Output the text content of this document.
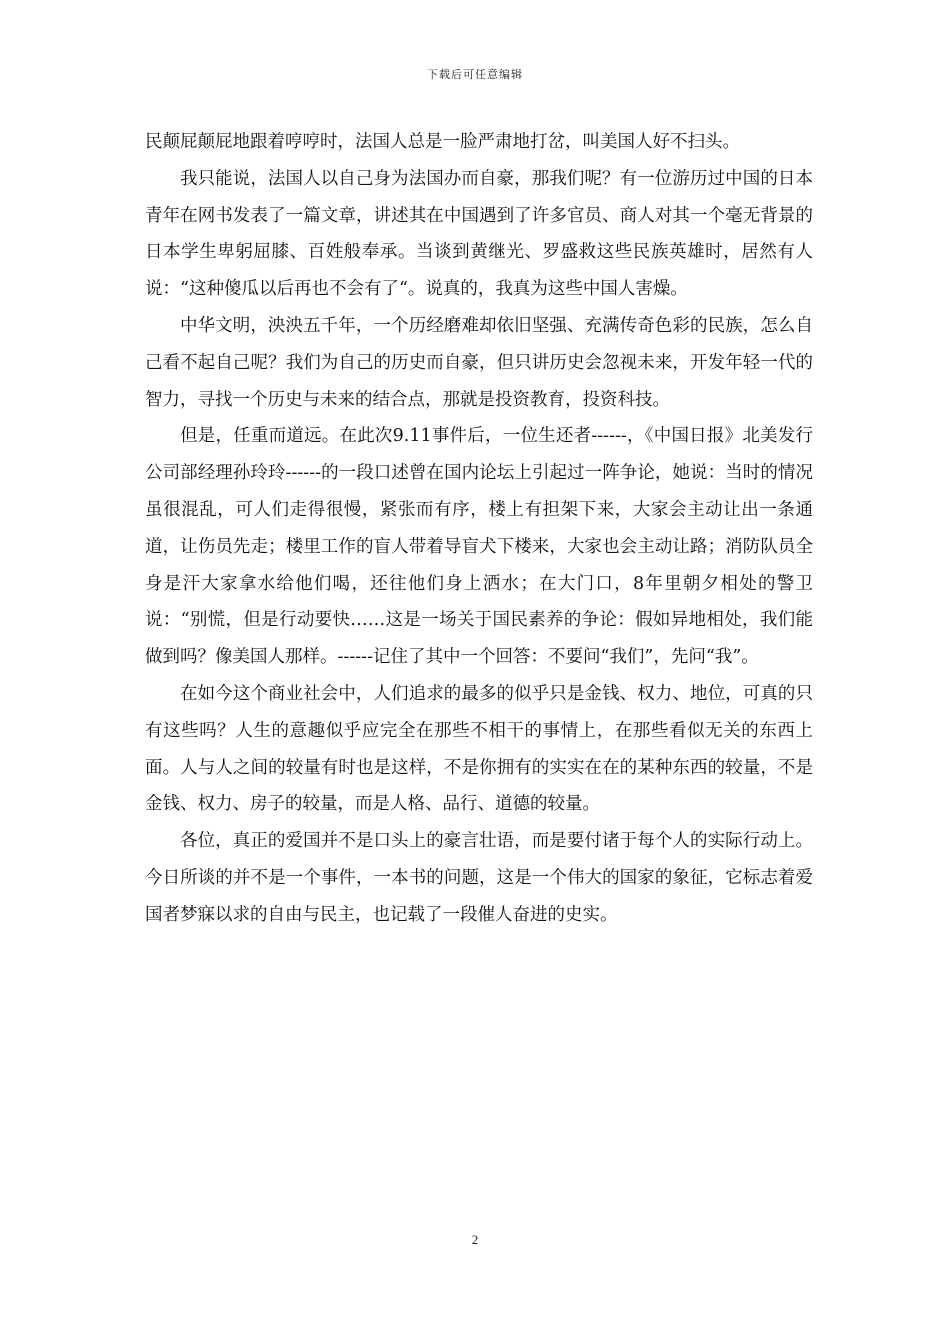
下载后可任意编辑

民颠屁颠屁地跟着哼哼时，法国人总是一脸严肃地打岔，叫美国人好不扫头。

我只能说，法国人以自己身为法国办而自豪，那我们呢？有一位游历过中国的日本青年在网书发表了一篇文章，讲述其在中国遇到了许多官员、商人对其一个毫无背景的日本学生卑躬屈膝、百姓般奉承。当谈到黄继光、罗盛救这些民族英雄时，居然有人说：“这种傻瓜以后再也不会有了“。说真的，我真为这些中国人害燥。

中华文明，泱泱五千年，一个历经磨难却依旧坚强、充满传奇色彩的民族，怎么自己看不起自己呢？我们为自己的历史而自豪，但只讲历史会忽视未来，开发年轻一代的智力，寻找一个历史与未来的结合点，那就是投资教育，投资科技。

但是，任重而道远。在此次9.11事件后，一位生还者------，《中国日报》北美发行公司部经理孙玲玲------的一段口述曾在国内论坛上引起过一阵争论，她说：当时的情况虽很混乱，可人们走得很慢，紧张而有序，楼上有担架下来，大家会主动让出一条通道，让伤员先走；楼里工作的盲人带着导盲犬下楼来，大家也会主动让路；消防队员全身是汗大家拿水给他们喝，还往他们身上洒水；在大门口，8年里朝夕相处的警卫说：“别慌，但是行动要快……这是一场关于国民素养的争论：假如异地相处，我们能做到吗？像美国人那样。------记住了其中一个回答：不要问“我们”，先问“我”。

在如今这个商业社会中，人们追求的最多的似乎只是金钱、权力、地位，可真的只有这些吗？人生的意趣似乎应完全在那些不相干的事情上，在那些看似无关的东西上面。人与人之间的较量有时也是这样，不是你拥有的实实在在的某种东西的较量，不是金钱、权力、房子的较量，而是人格、品行、道德的较量。

各位，真正的爱国并不是口头上的豪言壮语，而是要付诸于每个人的实际行动上。今日所谈的并不是一个事件，一本书的问题，这是一个伟大的国家的象征，它标志着爱国者梦寐以求的自由与民主，也记载了一段催人奋进的史实。

2
